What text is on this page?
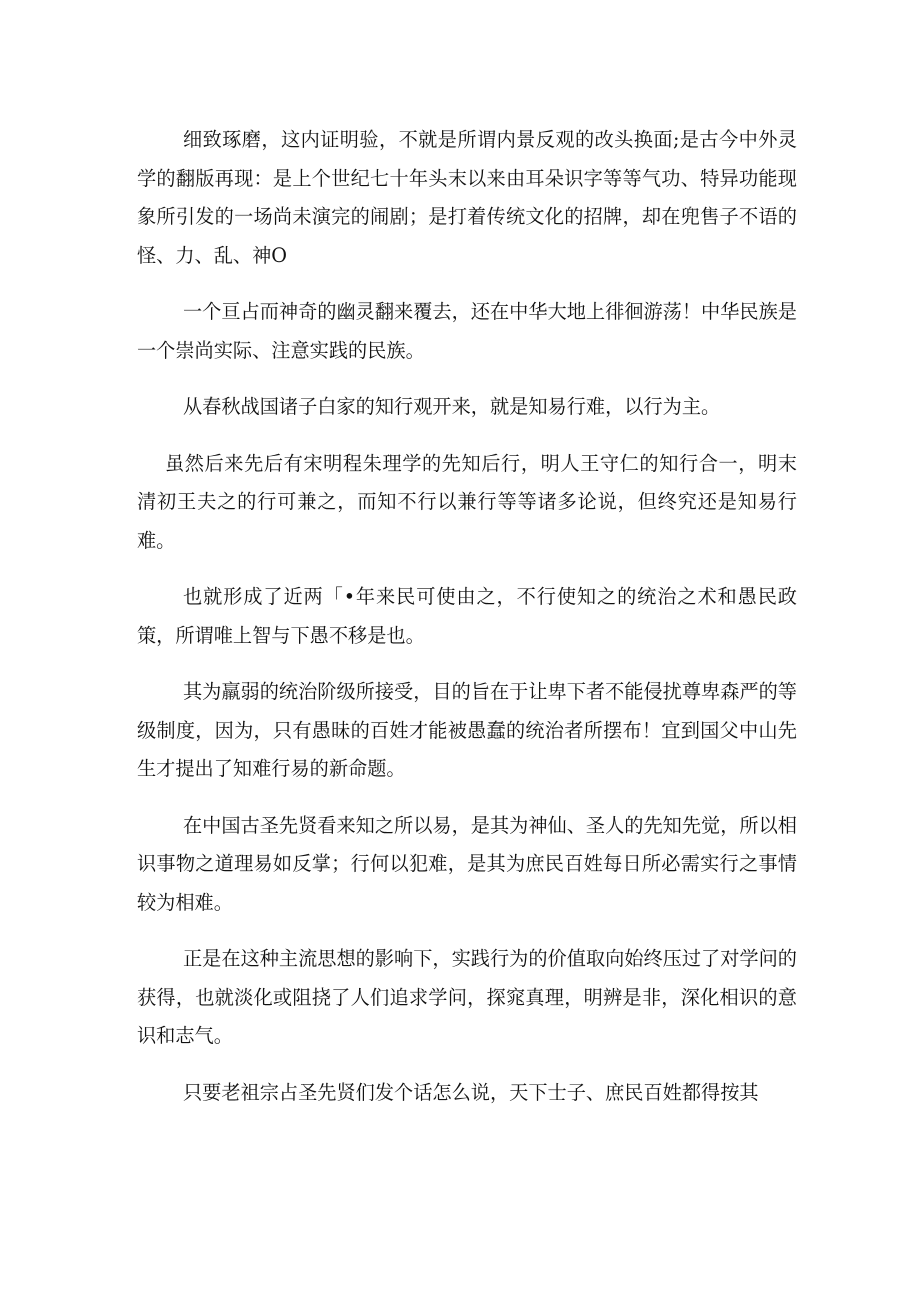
细致琢磨，这内证明验，不就是所谓内景反观的改头换面;是古今中外灵学的翻版再现：是上个世纪七十年头末以来由耳朵识字等等气功、特异功能现象所引发的一场尚未演完的闹剧；是打着传统文化的招牌，却在兜售子不语的怪、力、乱、神O

一个亘占而神奇的幽灵翻来覆去，还在中华大地上徘徊游荡！中华民族是一个崇尚实际、注意实践的民族。

从春秋战国诸子白家的知行观开来，就是知易行难，以行为主。

虽然后来先后有宋明程朱理学的先知后行，明人王守仁的知行合一，明末清初王夫之的行可兼之，而知不行以兼行等等诸多论说，但终究还是知易行难。

也就形成了近两「•年来民可使由之，不行使知之的统治之术和愚民政策，所谓唯上智与下愚不移是也。

其为羸弱的统治阶级所接受，目的旨在于让卑下者不能侵扰尊卑森严的等级制度，因为，只有愚昧的百姓才能被愚蠢的统治者所摆布！宜到国父中山先生才提出了知难行易的新命题。

在中国古圣先贤看来知之所以易，是其为神仙、圣人的先知先觉，所以相识事物之道理易如反掌；行何以犯难，是其为庶民百姓每日所必需实行之事情较为相难。

正是在这种主流思想的影响下，实践行为的价值取向始终压过了对学问的获得，也就淡化或阻挠了人们追求学问，探窕真理，明辨是非，深化相识的意识和志气。

只要老祖宗占圣先贤们发个话怎么说，天下士子、庶民百姓都得按其
